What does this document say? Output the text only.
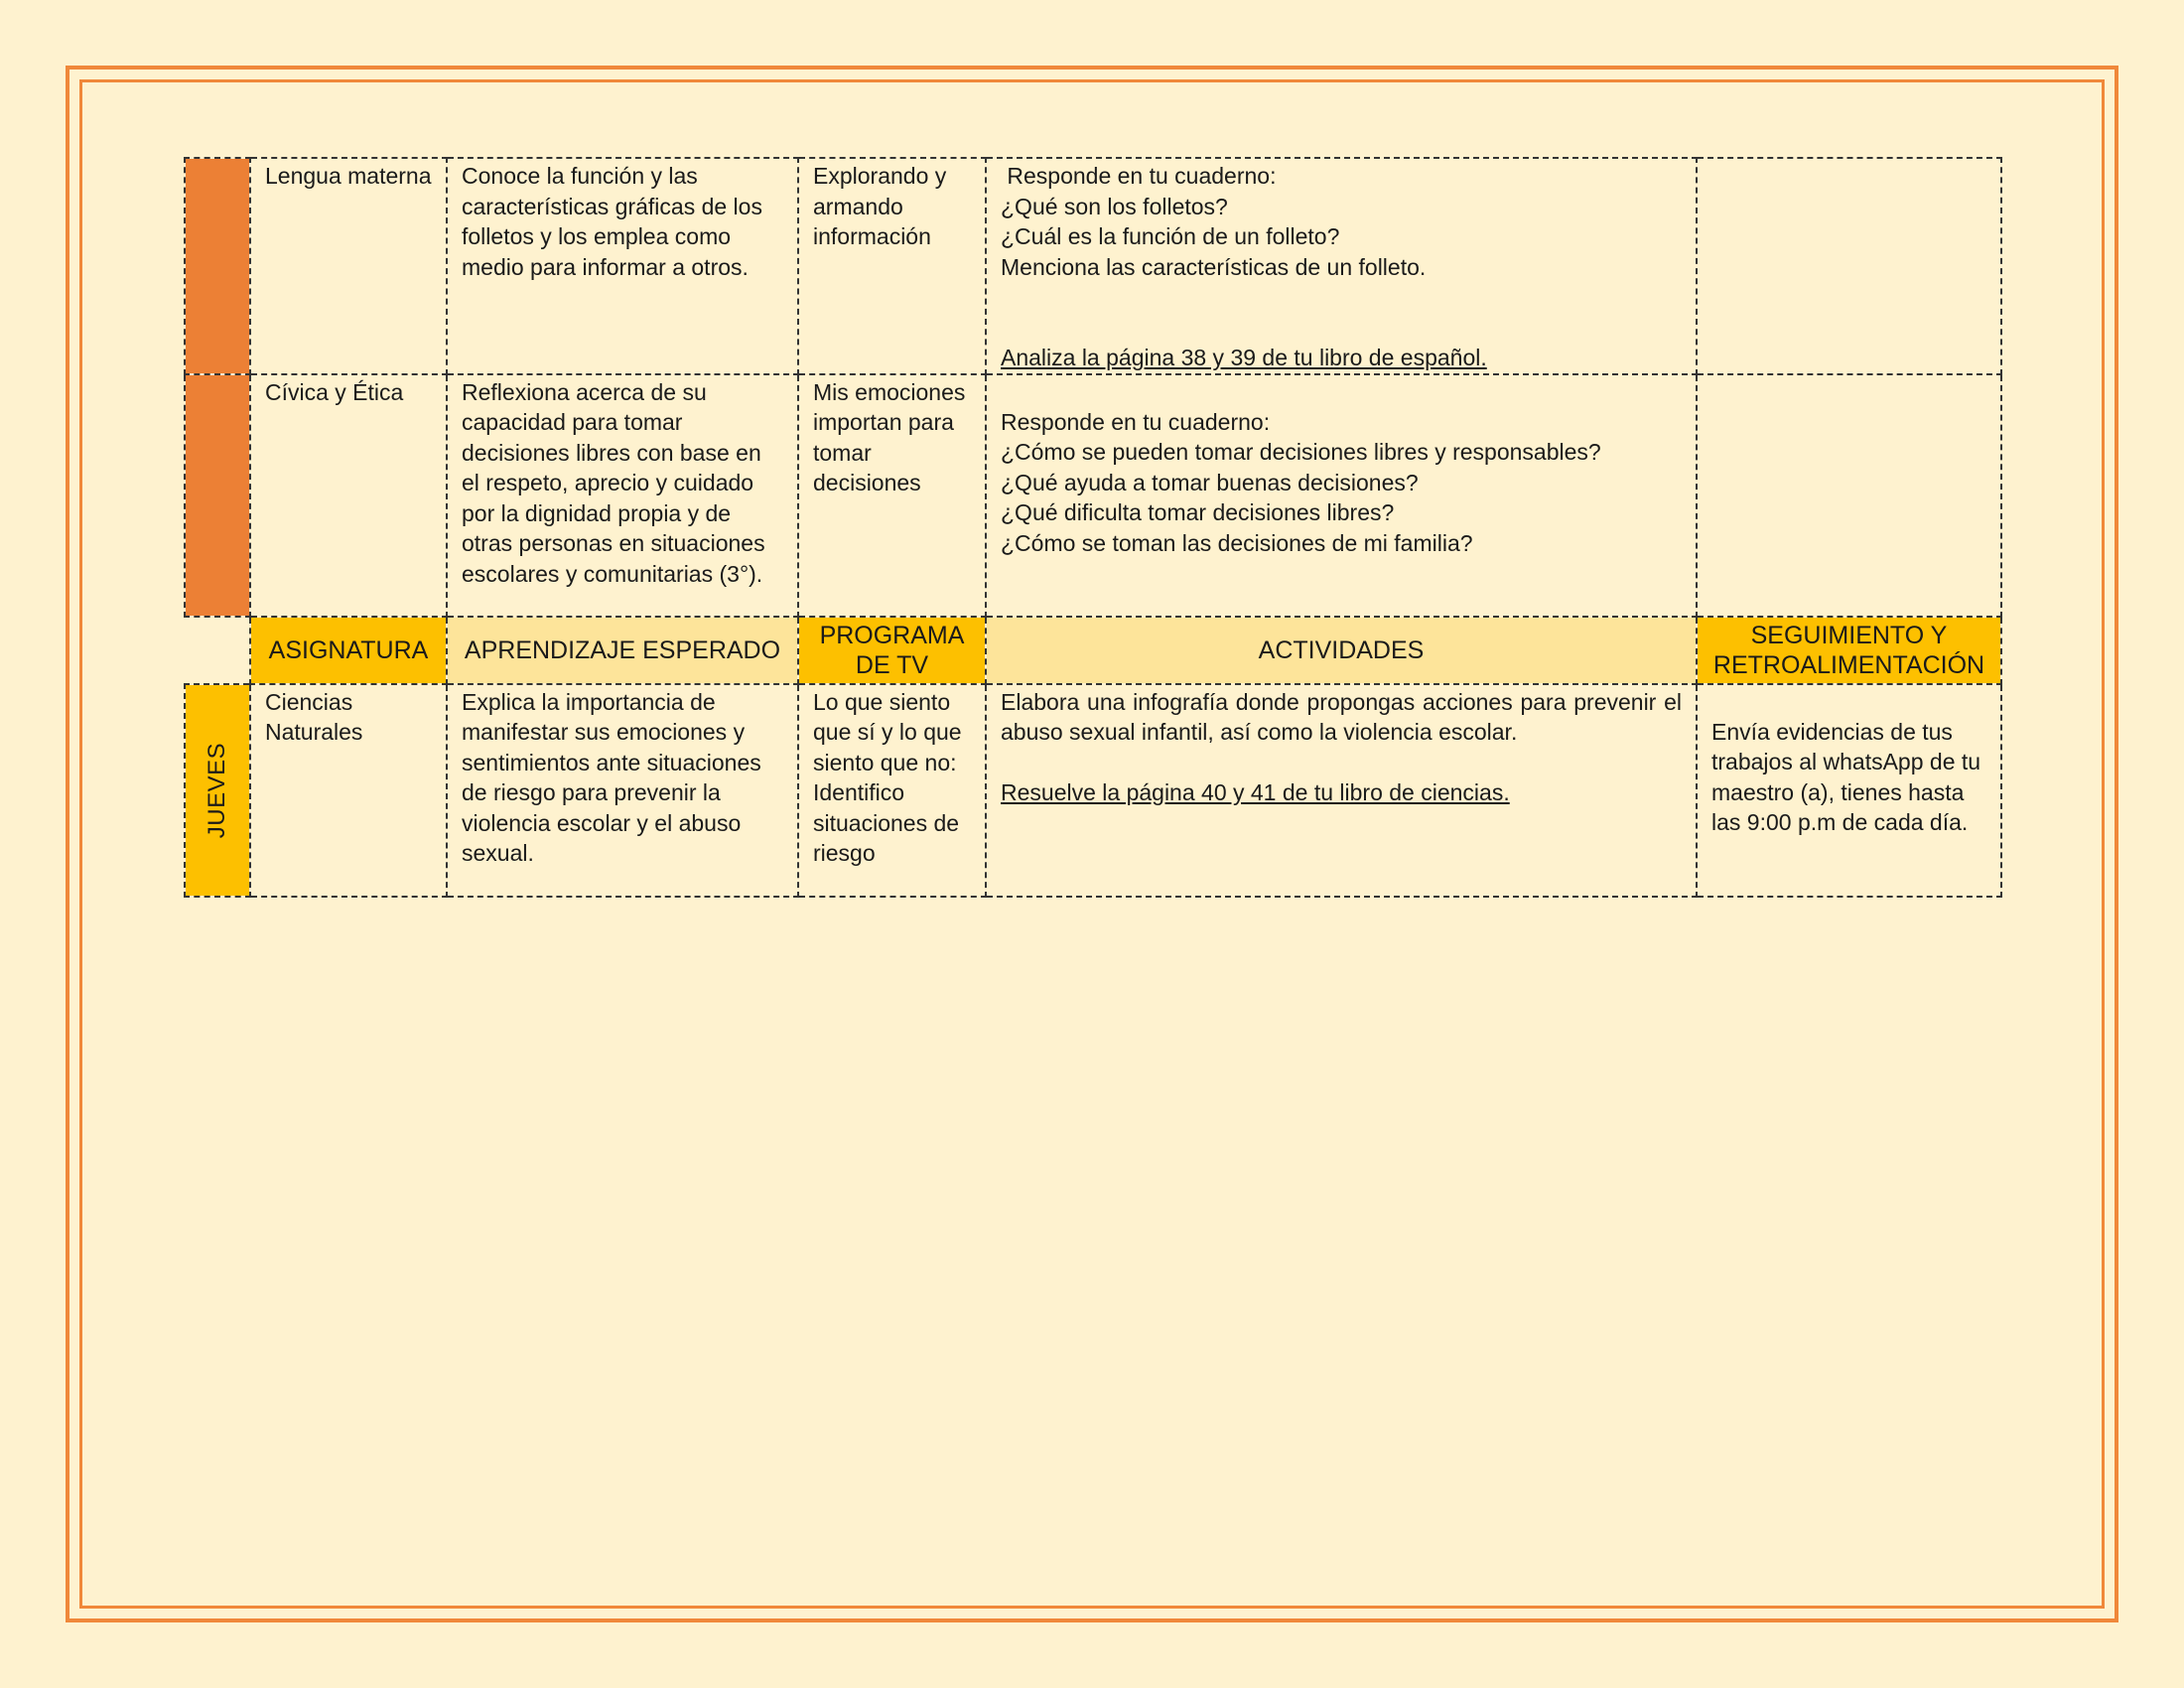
	Lengua materna	Conoce la función y las características gráficas de los folletos y los emplea como medio para informar a otros.	Explorando y armando información	Responde en tu cuaderno:
¿Qué son los folletos?
¿Cuál es la función de un folleto?
Menciona las características de un folleto.
Analiza la página 38 y 39 de tu libro de español.	

	Cívica y Ética	Reflexiona acerca de su capacidad para tomar decisiones libres con base en el respeto, aprecio y cuidado por la dignidad propia y de otras personas en situaciones escolares y comunitarias (3°).	Mis emociones importan para tomar decisiones	Responde en tu cuaderno:
¿Cómo se pueden tomar decisiones libres y responsables?
¿Qué ayuda a tomar buenas decisiones?
¿Qué dificulta tomar decisiones libres?
¿Cómo se toman las decisiones de mi familia?	

	ASIGNATURA	APRENDIZAJE ESPERADO	PROGRAMA DE TV	ACTIVIDADES	SEGUIMIENTO Y RETROALIMENTACIÓN

JUEVES	Ciencias Naturales	Explica la importancia de manifestar sus emociones y sentimientos ante situaciones de riesgo para prevenir la violencia escolar y el abuso sexual.	Lo que siento que sí y lo que siento que no: Identifico situaciones de riesgo	Elabora una infografía donde propongas acciones para prevenir el abuso sexual infantil, así como la violencia escolar.
Resuelve la página 40 y 41 de tu libro de ciencias.	Envía evidencias de tus trabajos al whatsApp de tu maestro (a), tienes hasta las 9:00 p.m de cada día.
